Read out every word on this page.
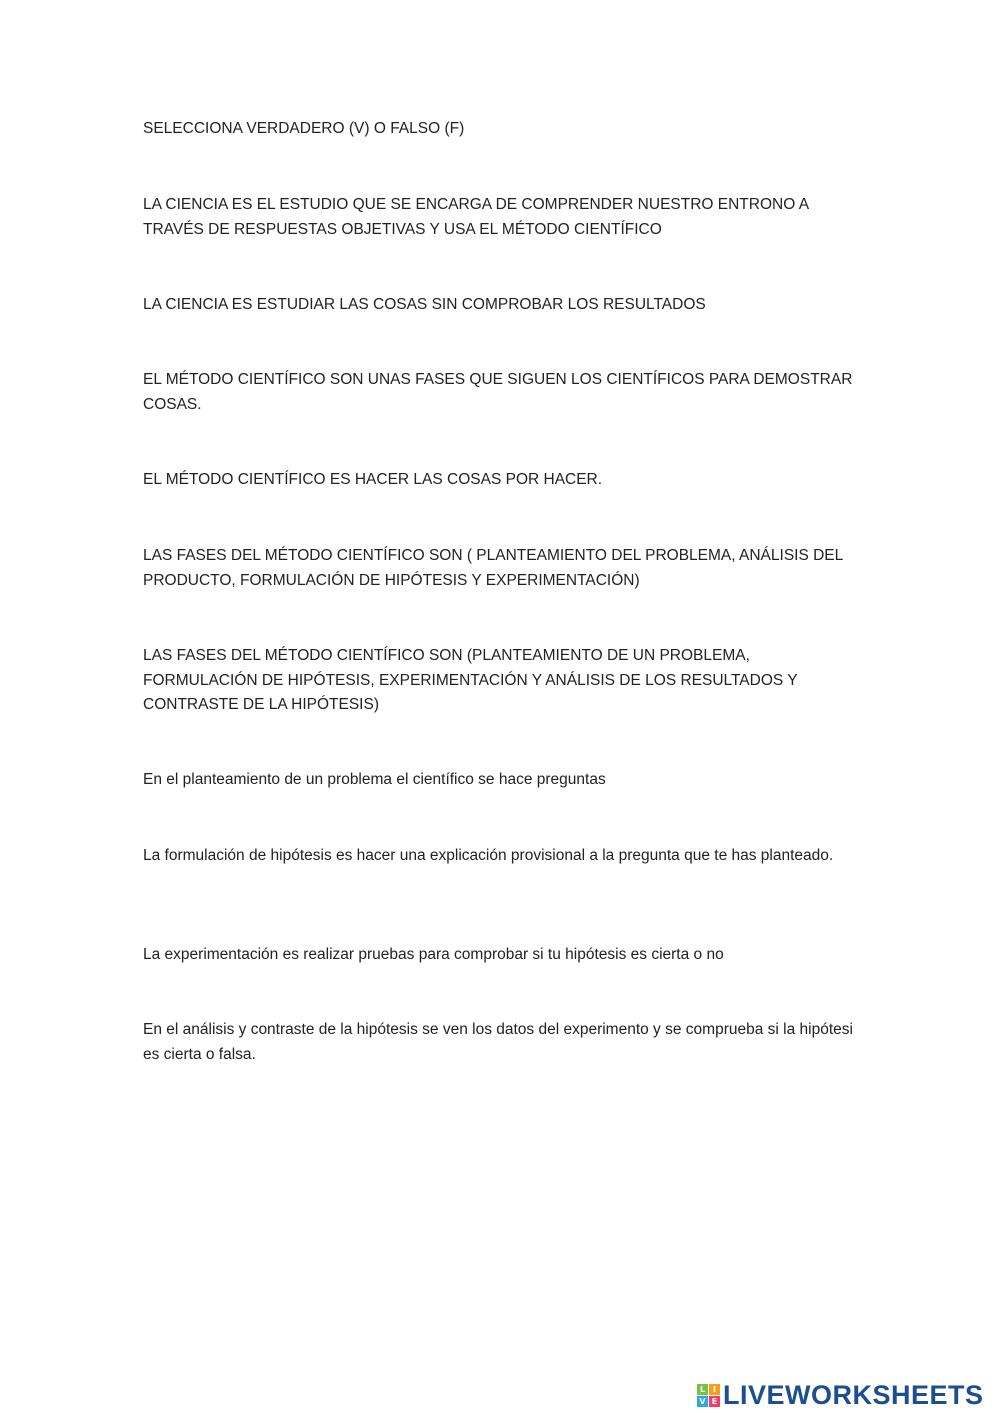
SELECCIONA VERDADERO (V) O FALSO (F)

LA CIENCIA ES EL ESTUDIO QUE SE ENCARGA DE COMPRENDER NUESTRO ENTRONO A TRAVÉS DE RESPUESTAS OBJETIVAS Y USA EL MÉTODO CIENTÍFICO

LA CIENCIA ES ESTUDIAR LAS COSAS SIN COMPROBAR LOS RESULTADOS

EL MÉTODO CIENTÍFICO SON UNAS FASES QUE SIGUEN LOS CIENTÍFICOS PARA DEMOSTRAR COSAS.

EL MÉTODO CIENTÍFICO ES HACER LAS COSAS POR HACER.

LAS FASES DEL MÉTODO CIENTÍFICO SON ( PLANTEAMIENTO DEL PROBLEMA, ANÁLISIS DEL PRODUCTO, FORMULACIÓN DE HIPÓTESIS Y EXPERIMENTACIÓN)

LAS FASES DEL MÉTODO CIENTÍFICO SON (PLANTEAMIENTO DE UN PROBLEMA, FORMULACIÓN DE HIPÓTESIS, EXPERIMENTACIÓN Y ANÁLISIS DE LOS RESULTADOS Y CONTRASTE DE LA HIPÓTESIS)

En el planteamiento de un problema el científico se hace preguntas

La formulación de hipótesis es hacer una explicación provisional a la pregunta que te has planteado.

La experimentación es realizar pruebas para comprobar si tu hipótesis es cierta o no

En el análisis y contraste de la hipótesis se ven los datos del experimento y se comprueba si la hipótesi es cierta o falsa.

L I
V E LIVEWORKSHEETS
